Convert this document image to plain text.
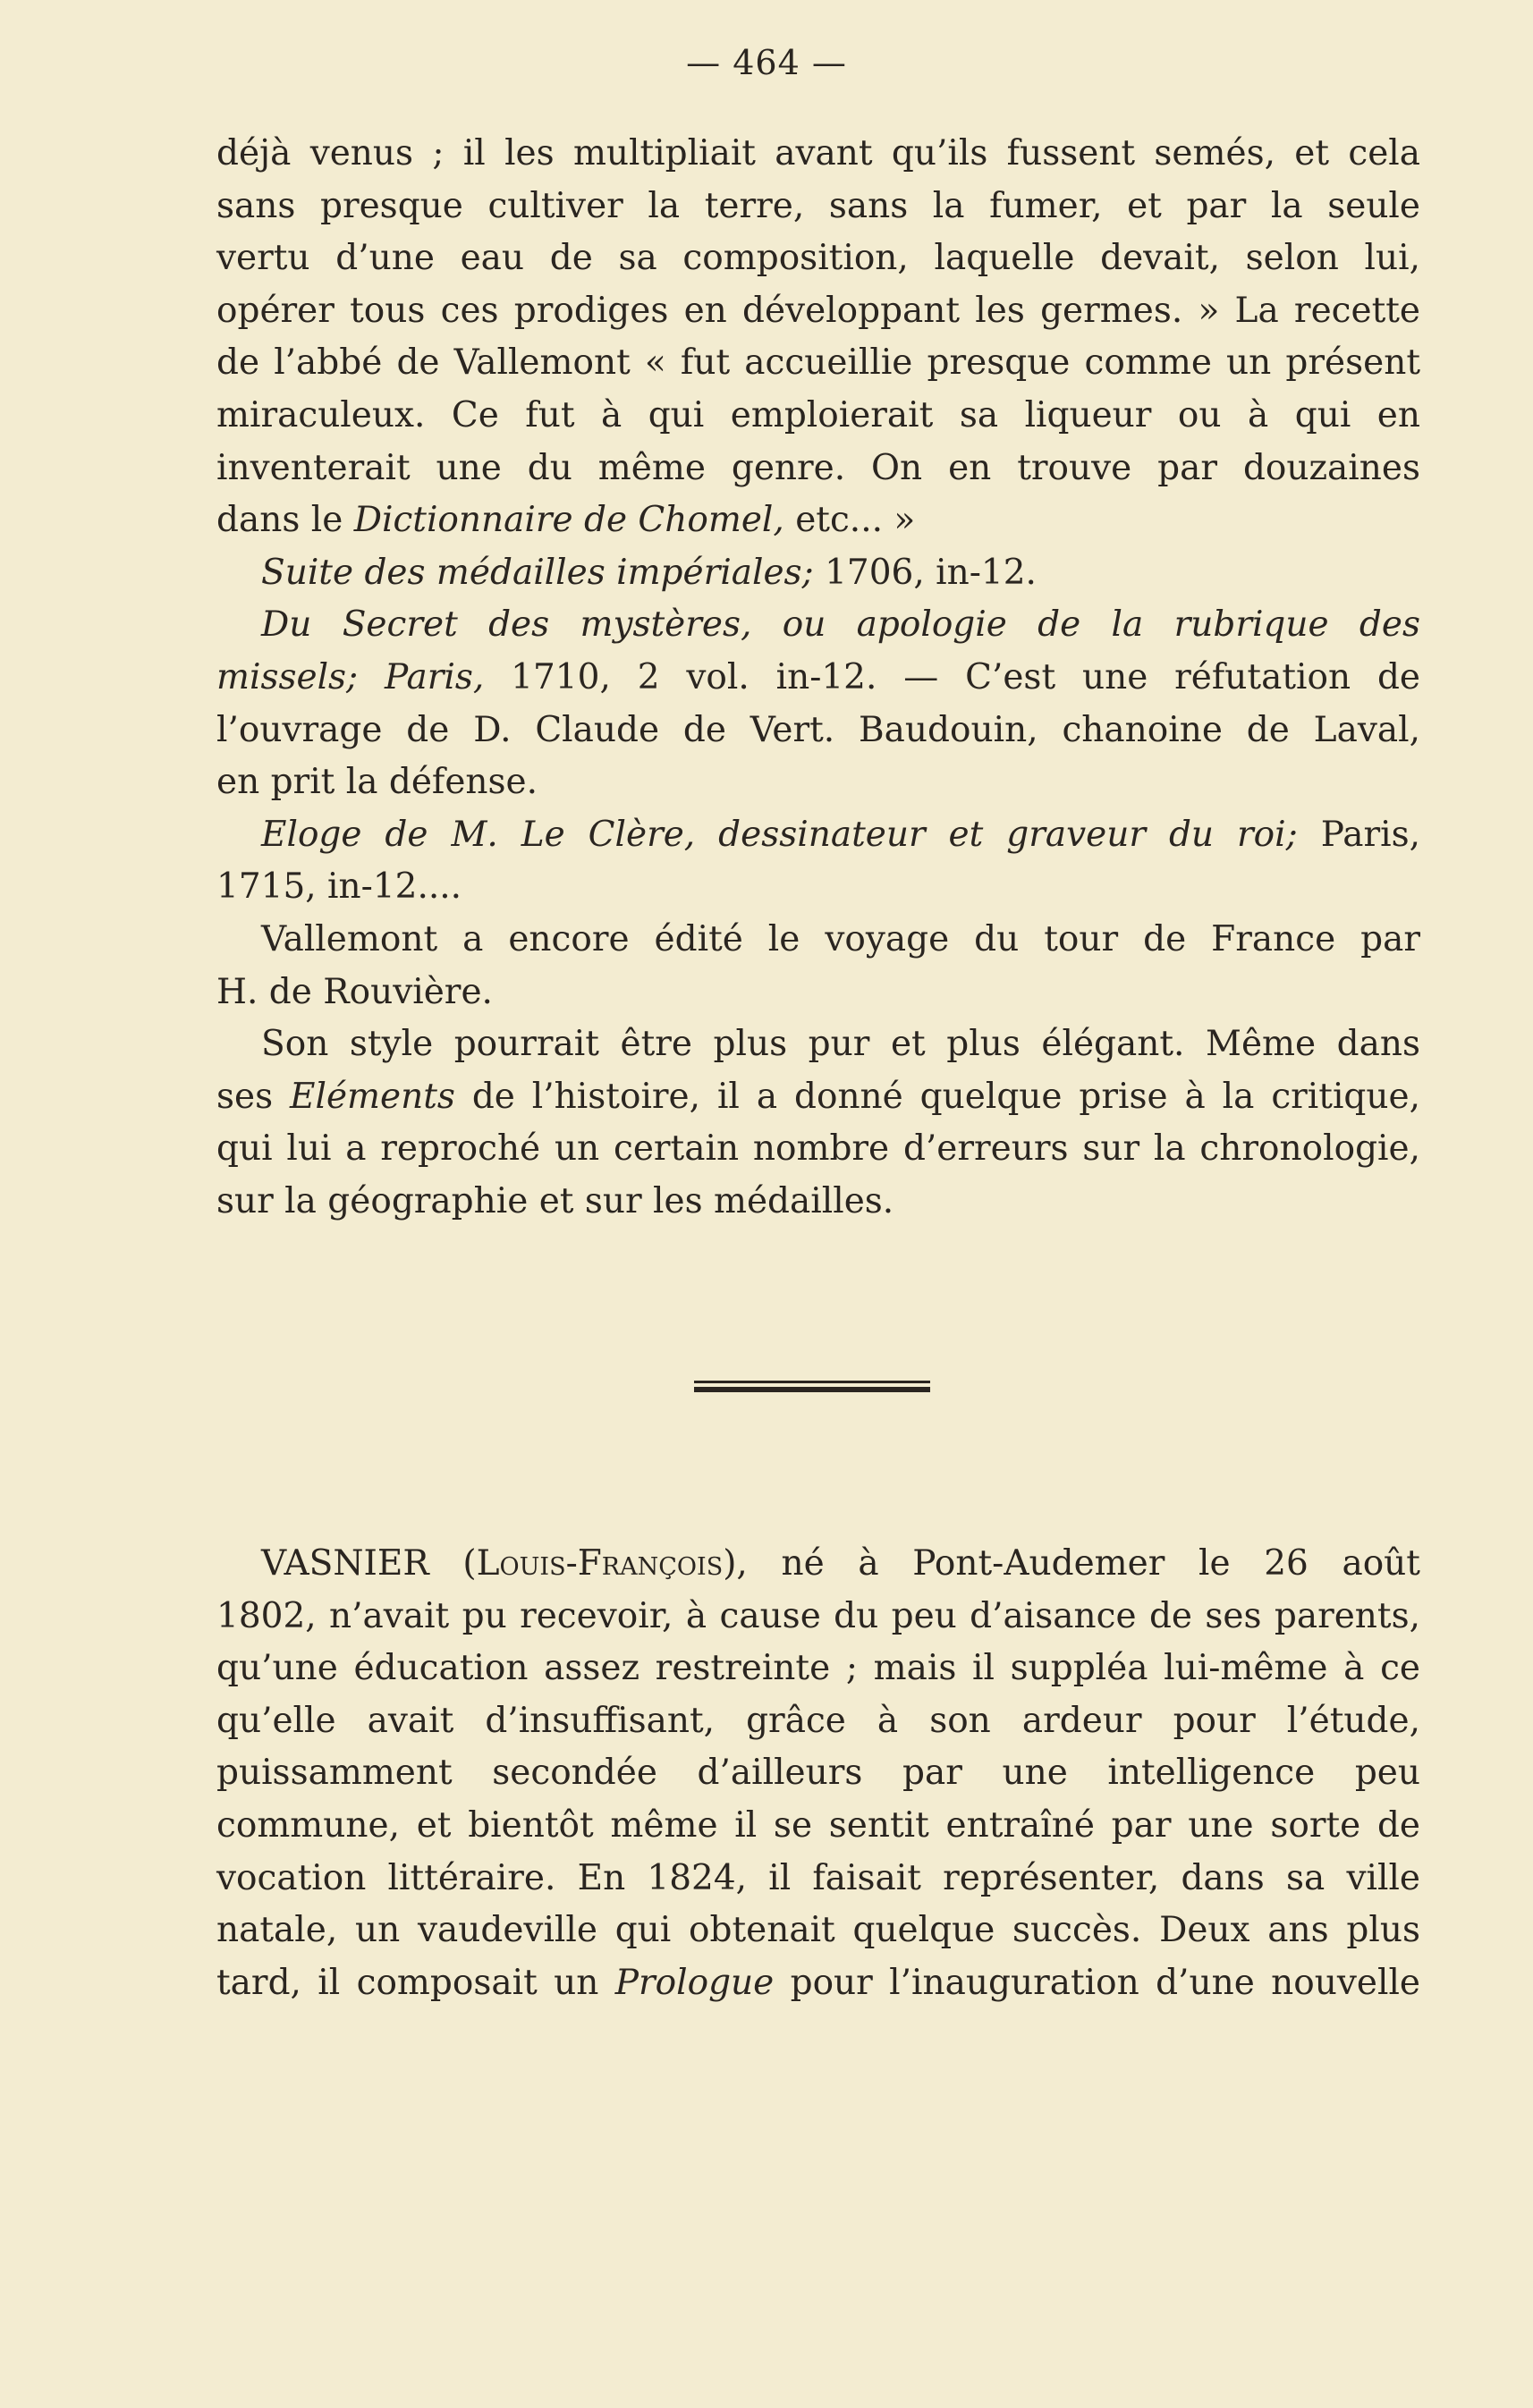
— 464 —
déjà venus ; il les multipliait avant qu’ils fussent semés, et cela
sans presque cultiver la terre, sans la fumer, et par la seule
vertu d’une eau de sa composition, laquelle devait, selon lui,
opérer tous ces prodiges en développant les germes. » La recette
de l’abbé de Vallemont « fut accueillie presque comme un présent
miraculeux. Ce fut à qui emploierait sa liqueur ou à qui en
inventerait une du même genre. On en trouve par douzaines
dans le Dictionnaire de Chomel, etc... »
Suite des médailles impériales; 1706, in-12.
Du Secret des mystères, ou apologie de la rubrique des
missels; Paris, 1710, 2 vol. in-12. — C’est une réfutation de
l’ouvrage de D. Claude de Vert. Baudouin, chanoine de Laval,
en prit la défense.
Eloge de M. Le Clère, dessinateur et graveur du roi; Paris,
1715, in-12....
Vallemont a encore édité le voyage du tour de France par
H. de Rouvière.
Son style pourrait être plus pur et plus élégant. Même dans
ses Eléments de l’histoire, il a donné quelque prise à la critique,
qui lui a reproché un certain nombre d’erreurs sur la chronologie,
sur la géographie et sur les médailles.
VASNIER (Louis-François), né à Pont-Audemer le 26 août
1802, n’avait pu recevoir, à cause du peu d’aisance de ses parents,
qu’une éducation assez restreinte ; mais il suppléa lui-même à ce
qu’elle avait d’insuffisant, grâce à son ardeur pour l’étude,
puissamment secondée d’ailleurs par une intelligence peu
commune, et bientôt même il se sentit entraîné par une sorte de
vocation littéraire. En 1824, il faisait représenter, dans sa ville
natale, un vaudeville qui obtenait quelque succès. Deux ans plus
tard, il composait un Prologue pour l’inauguration d’une nouvelle
